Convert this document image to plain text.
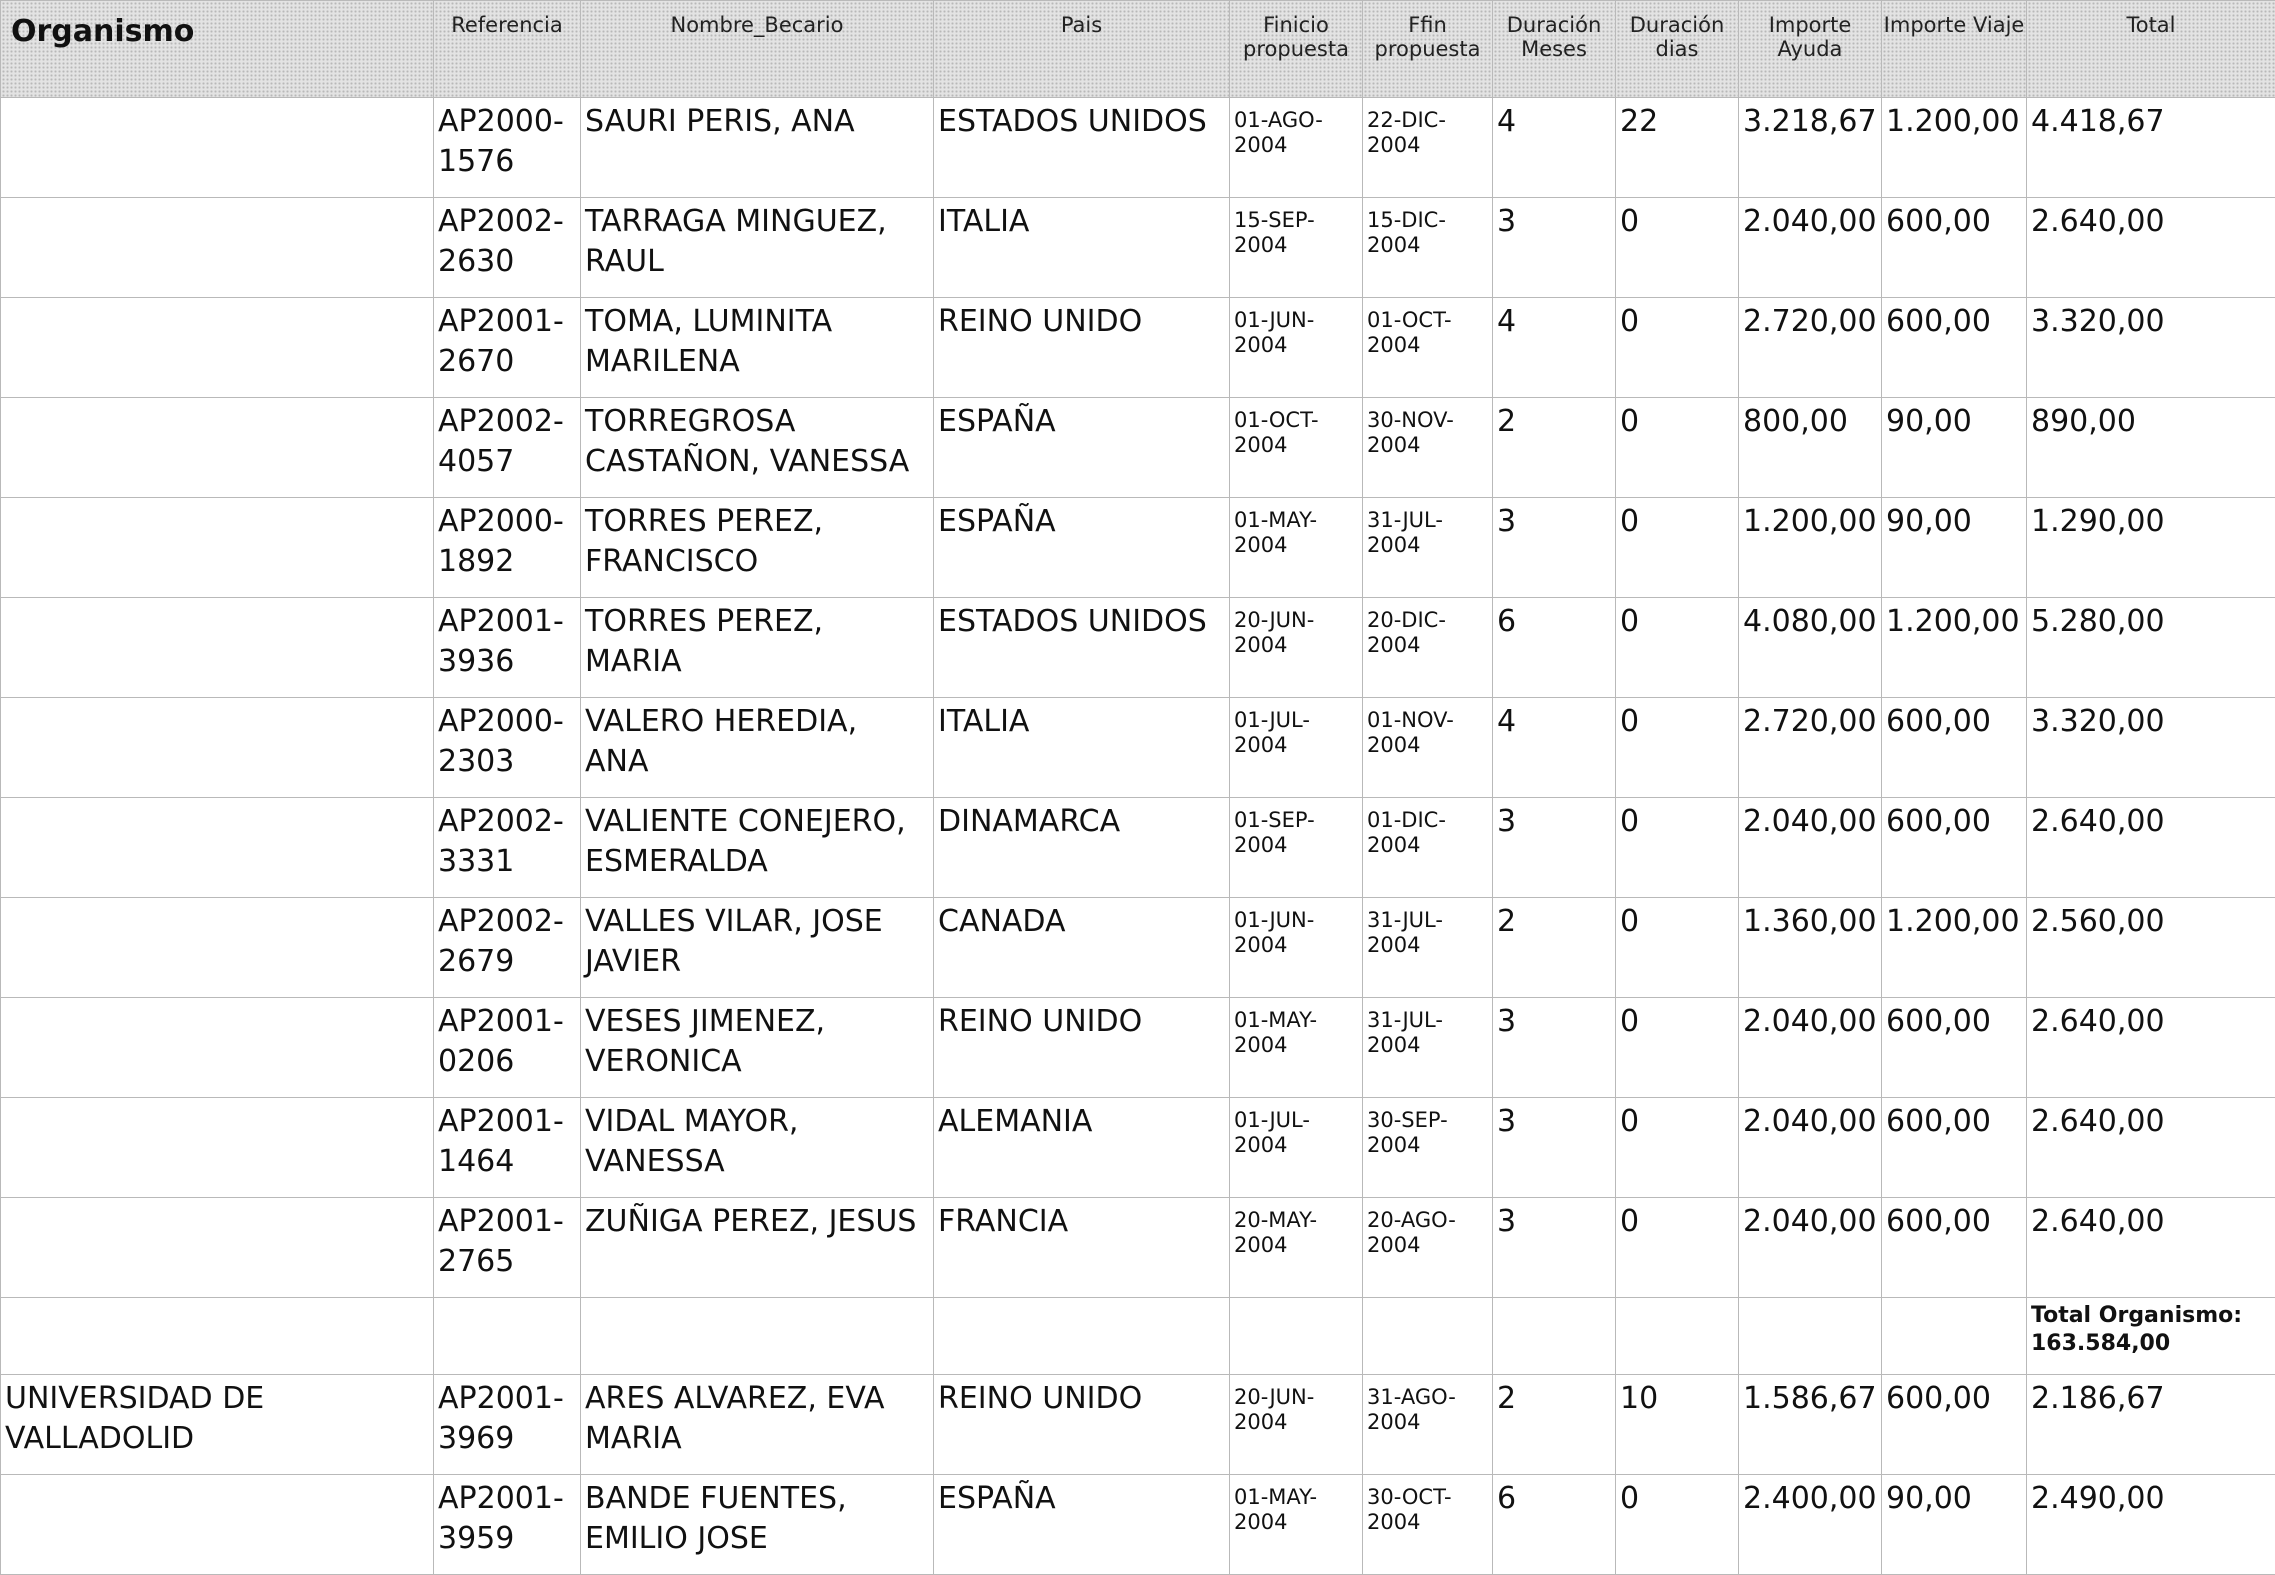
Organismo	Referencia	Nombre_Becario	Pais	Finicio propuesta	Ffin propuesta	Duración Meses	Duración dias	Importe Ayuda	Importe Viaje	Total
	AP2000-1576	SAURI PERIS, ANA	ESTADOS UNIDOS	01-AGO-2004	22-DIC-2004	4	22	3.218,67	1.200,00	4.418,67
	AP2002-2630	TARRAGA MINGUEZ, RAUL	ITALIA	15-SEP-2004	15-DIC-2004	3	0	2.040,00	600,00	2.640,00
	AP2001-2670	TOMA, LUMINITA MARILENA	REINO UNIDO	01-JUN-2004	01-OCT-2004	4	0	2.720,00	600,00	3.320,00
	AP2002-4057	TORREGROSA CASTAÑON, VANESSA	ESPAÑA	01-OCT-2004	30-NOV-2004	2	0	800,00	90,00	890,00
	AP2000-1892	TORRES PEREZ, FRANCISCO	ESPAÑA	01-MAY-2004	31-JUL-2004	3	0	1.200,00	90,00	1.290,00
	AP2001-3936	TORRES PEREZ, MARIA	ESTADOS UNIDOS	20-JUN-2004	20-DIC-2004	6	0	4.080,00	1.200,00	5.280,00
	AP2000-2303	VALERO HEREDIA, ANA	ITALIA	01-JUL-2004	01-NOV-2004	4	0	2.720,00	600,00	3.320,00
	AP2002-3331	VALIENTE CONEJERO, ESMERALDA	DINAMARCA	01-SEP-2004	01-DIC-2004	3	0	2.040,00	600,00	2.640,00
	AP2002-2679	VALLES VILAR, JOSE JAVIER	CANADA	01-JUN-2004	31-JUL-2004	2	0	1.360,00	1.200,00	2.560,00
	AP2001-0206	VESES JIMENEZ, VERONICA	REINO UNIDO	01-MAY-2004	31-JUL-2004	3	0	2.040,00	600,00	2.640,00
	AP2001-1464	VIDAL MAYOR, VANESSA	ALEMANIA	01-JUL-2004	30-SEP-2004	3	0	2.040,00	600,00	2.640,00
	AP2001-2765	ZUÑIGA PEREZ, JESUS	FRANCIA	20-MAY-2004	20-AGO-2004	3	0	2.040,00	600,00	2.640,00
										Total Organismo: 163.584,00
UNIVERSIDAD DE VALLADOLID	AP2001-3969	ARES ALVAREZ, EVA MARIA	REINO UNIDO	20-JUN-2004	31-AGO-2004	2	10	1.586,67	600,00	2.186,67
	AP2001-3959	BANDE FUENTES, EMILIO JOSE	ESPAÑA	01-MAY-2004	30-OCT-2004	6	0	2.400,00	90,00	2.490,00
